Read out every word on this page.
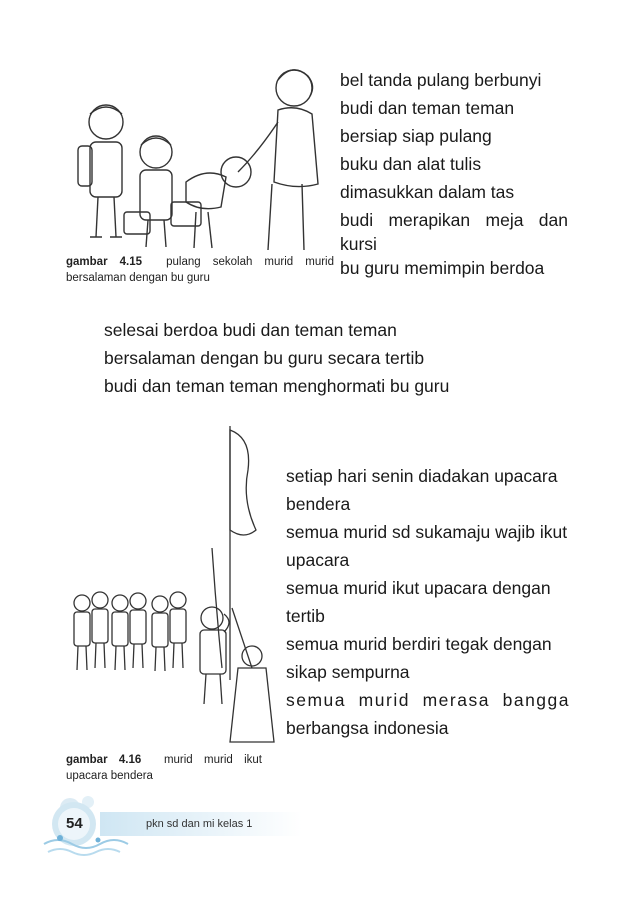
gambar 4.15 pulang sekolah murid murid bersalaman dengan bu guru

bel tanda pulang berbunyi

budi dan teman teman

bersiap siap pulang

buku dan alat tulis

dimasukkan dalam tas

budi merapikan meja dan

kursi

bu guru memimpin berdoa

selesai berdoa budi dan teman teman

bersalaman dengan bu guru secara tertib

budi dan teman teman menghormati bu guru

setiap hari senin diadakan upacara

bendera

semua murid sd sukamaju wajib ikut

upacara

semua murid ikut upacara dengan

tertib

semua murid berdiri tegak dengan

sikap sempurna

semua murid merasa bangga

berbangsa indonesia

gambar 4.16 murid murid ikut upacara bendera
54	pkn sd dan mi kelas 1
